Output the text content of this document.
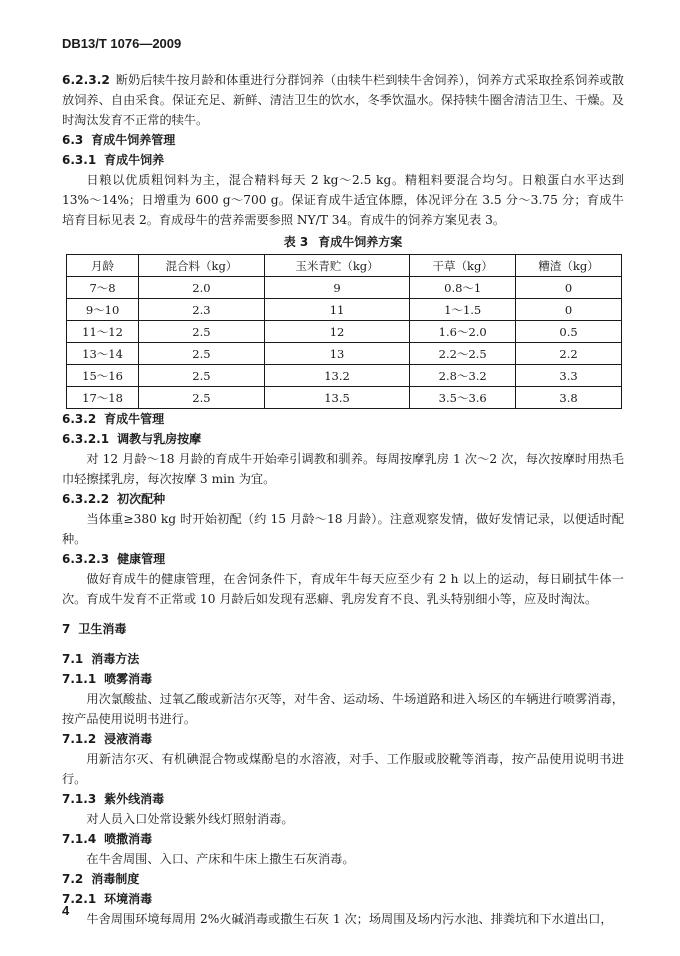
DB13/T 1076—2009
6.2.3.2 断奶后犊牛按月龄和体重进行分群饲养（由犊牛栏到犊牛舍饲养），饲养方式采取拴系饲养或散放饲养、自由采食。保证充足、新鲜、清洁卫生的饮水，冬季饮温水。保持犊牛圈舍清洁卫生、干燥。及时淘汰发育不正常的犊牛。
6.3 育成牛饲养管理
6.3.1 育成牛饲养
日粮以优质粗饲料为主，混合精料每天 2 kg～2.5 kg。精粗料要混合均匀。日粮蛋白水平达到 13%～14%；日增重为 600 g～700 g。保证育成牛适宜体膘，体况评分在 3.5 分～3.75 分；育成牛培育目标见表 2。育成母牛的营养需要参照 NY/T 34。育成牛的饲养方案见表 3。
表 3 育成牛饲养方案
月龄	混合料（kg）	玉米青贮（kg）	干草（kg）	糟渣（kg）
7～8	2.0	9	0.8～1	0
9～10	2.3	11	1～1.5	0
11～12	2.5	12	1.6～2.0	0.5
13～14	2.5	13	2.2～2.5	2.2
15～16	2.5	13.2	2.8～3.2	3.3
17～18	2.5	13.5	3.5～3.6	3.8
6.3.2 育成牛管理
6.3.2.1 调教与乳房按摩
对 12 月龄～18 月龄的育成牛开始牵引调教和驯养。每周按摩乳房 1 次～2 次，每次按摩时用热毛巾轻擦揉乳房，每次按摩 3 min 为宜。
6.3.2.2 初次配种
当体重≥380 kg 时开始初配（约 15 月龄～18 月龄）。注意观察发情，做好发情记录，以便适时配种。
6.3.2.3 健康管理
做好育成牛的健康管理，在舍饲条件下，育成年牛每天应至少有 2 h 以上的运动，每日刷拭牛体一次。育成牛发育不正常或 10 月龄后如发现有恶癖、乳房发育不良、乳头特别细小等，应及时淘汰。
7 卫生消毒
7.1 消毒方法
7.1.1 喷雾消毒
用次氯酸盐、过氧乙酸或新洁尔灭等，对牛舍、运动场、牛场道路和进入场区的车辆进行喷雾消毒，按产品使用说明书进行。
7.1.2 浸液消毒
用新洁尔灭、有机碘混合物或煤酚皂的水溶液，对手、工作服或胶靴等消毒，按产品使用说明书进行。
7.1.3 紫外线消毒
对人员入口处常设紫外线灯照射消毒。
7.1.4 喷撒消毒
在牛舍周围、入口、产床和牛床上撒生石灰消毒。
7.2 消毒制度
7.2.1 环境消毒
牛舍周围环境每周用 2%火碱消毒或撒生石灰 1 次；场周围及场内污水池、排粪坑和下水道出口，
4
